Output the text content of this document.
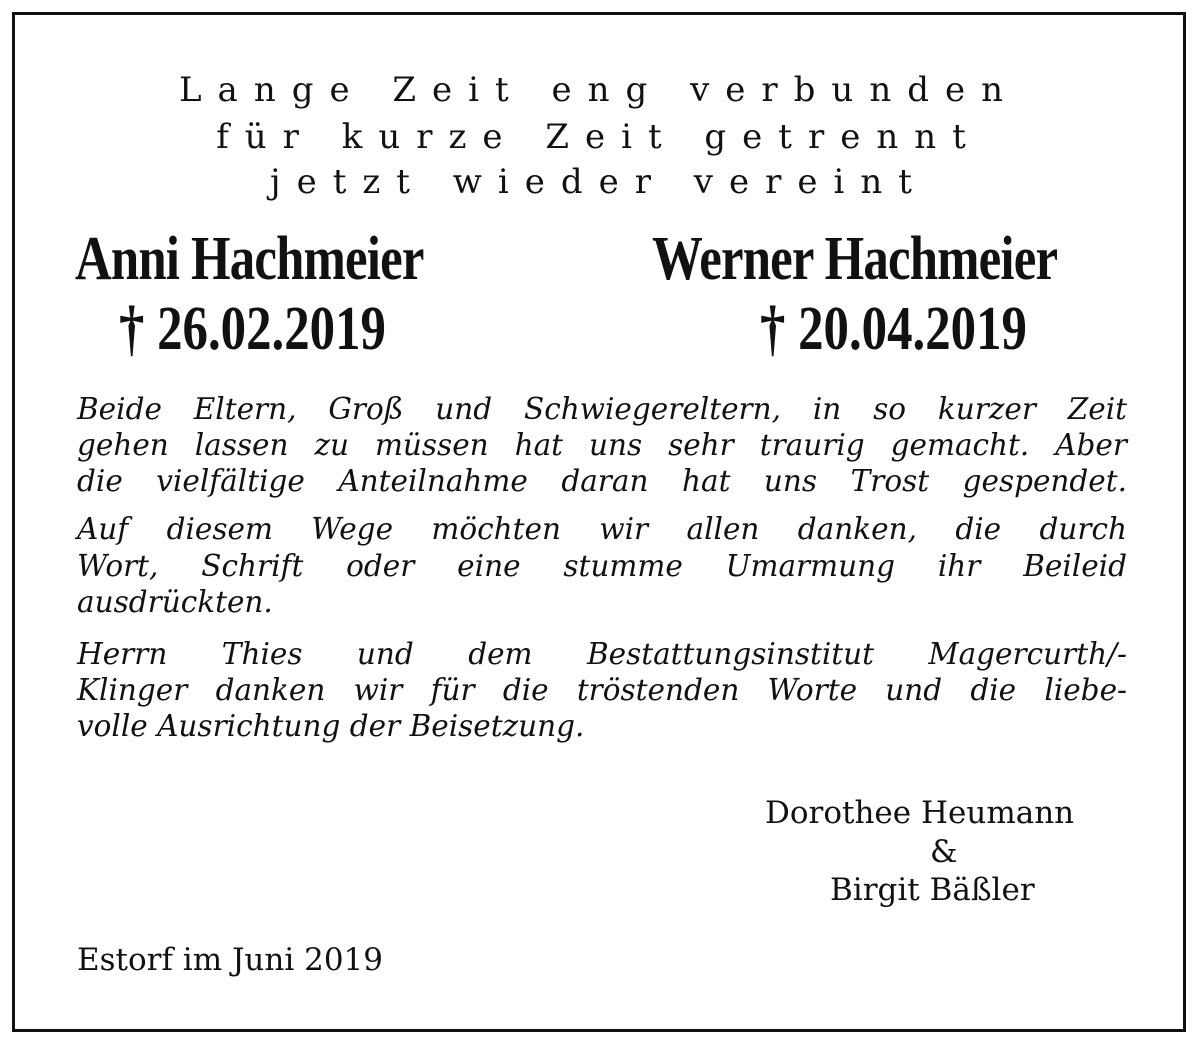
Lange Zeit eng verbunden
für kurze Zeit getrennt
jetzt wieder vereint
Anni Hachmeier
† 26.02.2019
Werner Hachmeier
† 20.04.2019
Beide Eltern, Groß und Schwiegereltern, in so kurzer Zeit
gehen lassen zu müssen hat uns sehr traurig gemacht. Aber
die vielfältige Anteilnahme daran hat uns Trost gespendet.
Auf diesem Wege möchten wir allen danken, die durch
Wort, Schrift oder eine stumme Umarmung ihr Beileid
ausdrückten.
Herrn Thies und dem Bestattungsinstitut Magercurth/-
Klinger danken wir für die tröstenden Worte und die liebe-
volle Ausrichtung der Beisetzung.
Dorothee Heumann
&
Birgit Bäßler
Estorf im Juni 2019
